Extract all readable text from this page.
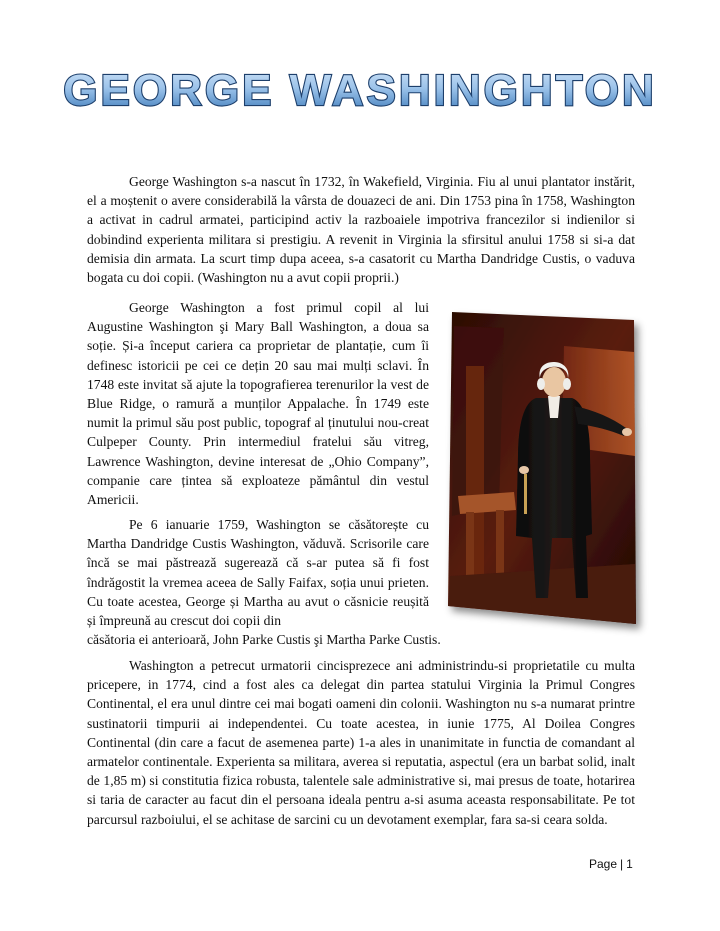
GEORGE WASHINGHTON

George Washington s-a nascut în 1732, în Wakefield, Virginia. Fiu al unui plantator instărit, el a moștenit o avere considerabilă la vârsta de douazeci de ani. Din 1753 pina în 1758, Washington a activat in cadrul armatei, participind activ la razboaiele impotriva francezilor si indienilor si dobindind experienta militara si prestigiu. A revenit in Virginia la sfirsitul anului 1758 si si-a dat demisia din armata. La scurt timp dupa aceea, s-a casatorit cu Martha Dandridge Custis, o vaduva bogata cu doi copii. (Washington nu a avut copii proprii.)

George Washington a fost primul copil al lui Augustine Washington şi Mary Ball Washington, a doua sa soție. Și-a început cariera ca proprietar de plantație, cum îi definesc istoricii pe cei ce dețin 20 sau mai mulți sclavi. În 1748 este invitat să ajute la topografierea terenurilor la vest de Blue Ridge, o ramură a munților Appalache. În 1749 este numit la primul său post public, topograf al ținutului nou-creat Culpeper County. Prin intermediul fratelui său vitreg, Lawrence Washington, devine interesat de „Ohio Company”, companie care țintea să exploateze pământul din vestul Americii.

Pe 6 ianuarie 1759, Washington se căsătorește cu Martha Dandridge Custis Washington, văduvă. Scrisorile care încă se mai păstrează sugerează că s-ar putea să fi fost îndrăgostit la vremea aceea de Sally Faifax, soția unui prieten. Cu toate acestea, George și Martha au avut o căsnicie reușită și împreună au crescut doi copii din
căsătoria ei anterioară, John Parke Custis şi Martha Parke Custis.

Washington a petrecut urmatorii cincisprezece ani administrindu-si proprietatile cu multa pricepere, in 1774, cind a fost ales ca delegat din partea statului Virginia la Primul Congres Continental, el era unul dintre cei mai bogati oameni din colonii. Washington nu s-a numarat printre sustinatorii timpurii ai independentei. Cu toate acestea, in iunie 1775, Al Doilea Congres Continental (din care a facut de asemenea parte) 1-a ales in unanimitate in functia de comandant al armatelor continentale. Experienta sa militara, averea si reputatia, aspectul (era un barbat solid, inalt de 1,85 m) si constitutia fizica robusta, talentele sale administrative si, mai presus de toate, hotarirea si taria de caracter au facut din el persoana ideala pentru a-si asuma aceasta responsabilitate. Pe tot parcursul razboiului, el se achitase de sarcini cu un devotament exemplar, fara sa-si ceara solda.

Page | 1
